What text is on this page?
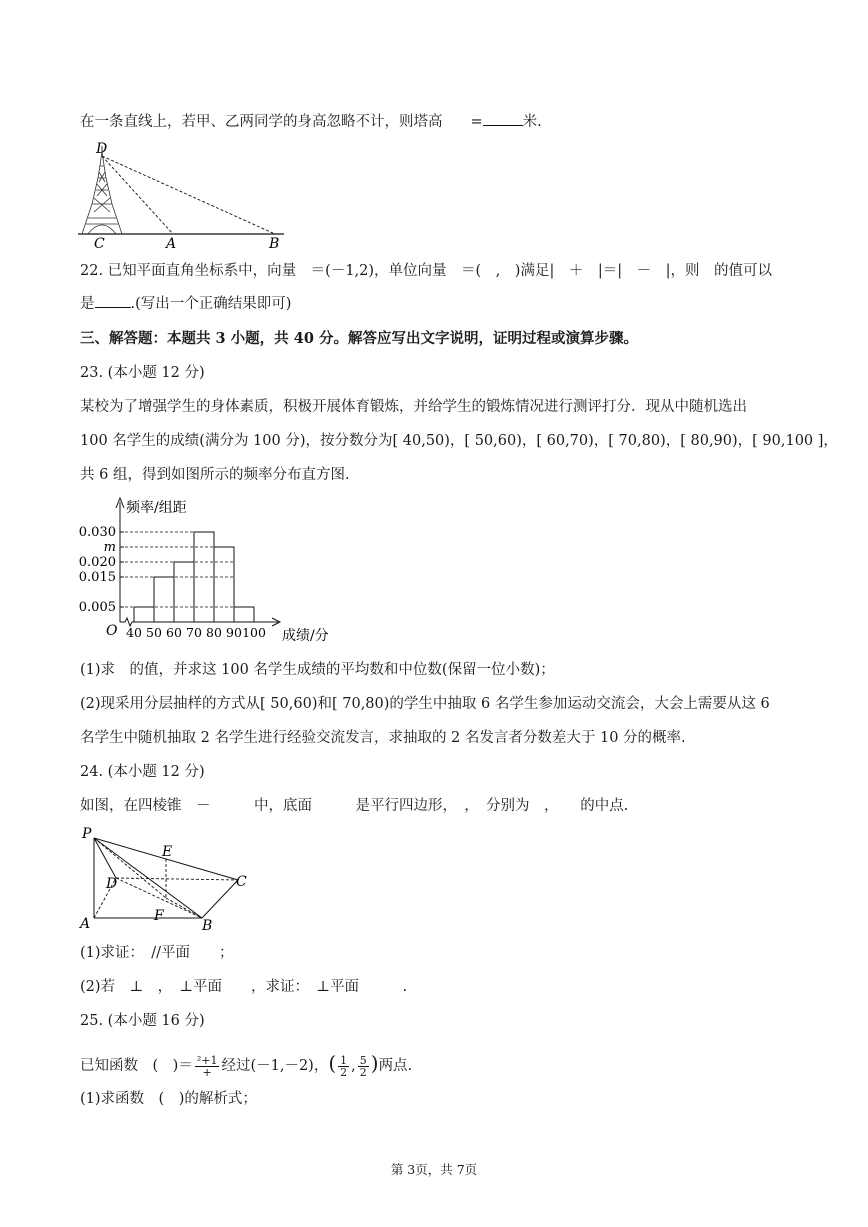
在一条直线上，若甲、乙两同学的身高忽略不计，则塔高 =	米.
D
C	A	B
22. 已知平面直角坐标系中，向量　＝(－1,2)，单位向量　＝(　,　)满足|　＋　|＝|　－　|，则　的值可以
是 .(写出一个正确结果即可)
三、解答题：本题共 3 小题，共 40 分。解答应写出文字说明，证明过程或演算步骤。
23. (本小题 12 分)
某校为了增强学生的身体素质，积极开展体育锻炼，并给学生的锻炼情况进行测评打分．现从中随机选出
100 名学生的成绩(满分为 100 分)，按分数分为[ 40,50)，[ 50,60)，[ 60,70)，[ 70,80)，[ 80,90)，[ 90,100 ]，
共 6 组，得到如图所示的频率分布直方图.
O
频率/组距
成绩/分
0.005
0.015
0.020
m
0.030
40 50 60 70 80 90 100
(1)求　的值，并求这 100 名学生成绩的平均数和中位数(保留一位小数)；
(2)现采用分层抽样的方式从[ 50,60)和[ 70,80)的学生中抽取 6 名学生参加运动交流会，大会上需要从这 6
名学生中随机抽取 2 名学生进行经验交流发言，求抽取的 2 名发言者分数差大于 10 分的概率.
24. (本小题 12 分)
如图，在四棱锥　－　　　中，底面　　　是平行四边形，　，　分别为　，　　的中点.
P
E
D	C
F
A	B
(1)求证：　//平面　　；
(2)若　⊥　，　⊥平面　　，求证：　⊥平面　　　.
25. (本小题 16 分)
已知函数　(　)＝ $\frac{\text{²+1}}{+}$ 经过(－1,－2)，( $\frac{1}{2}$ , $\frac{5}{2}$ )两点.
(1)求函数　(　)的解析式；
第 3页，共 7页
